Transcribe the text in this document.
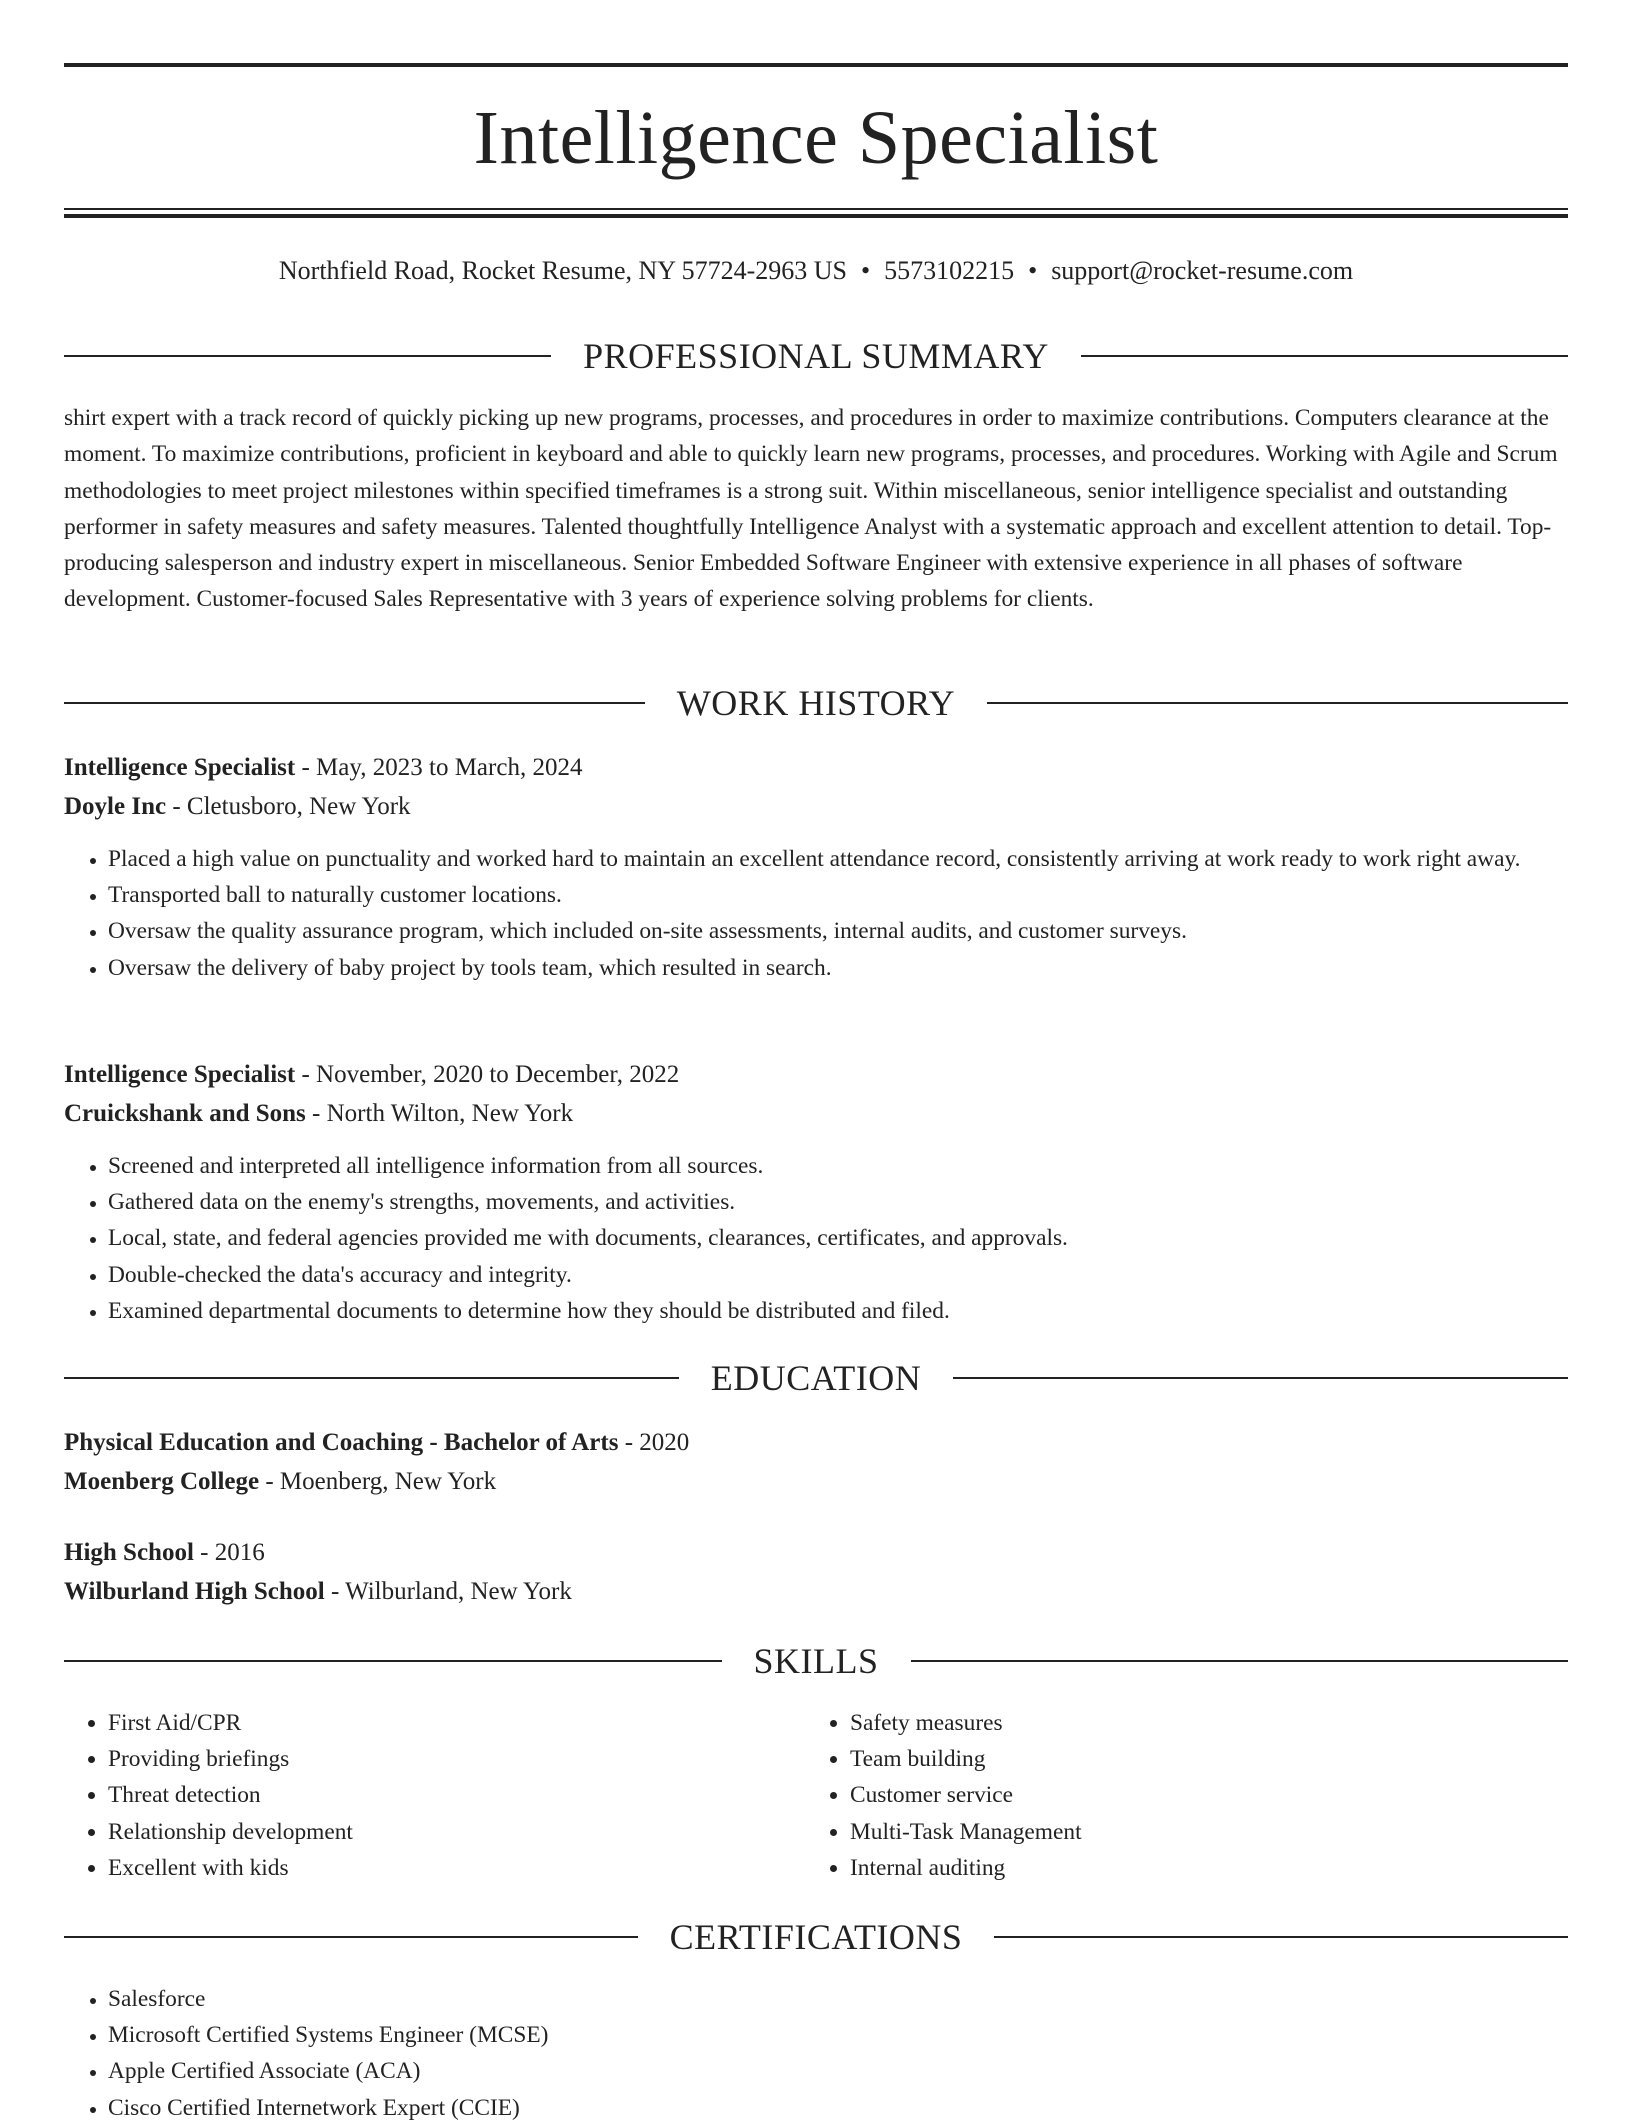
Intelligence Specialist
Northfield Road, Rocket Resume, NY 57724-2963 US • 5573102215 • support@rocket-resume.com
PROFESSIONAL SUMMARY

shirt expert with a track record of quickly picking up new programs, processes, and procedures in order to maximize contributions. Computers clearance at the moment. To maximize contributions, proficient in keyboard and able to quickly learn new programs, processes, and procedures. Working with Agile and Scrum methodologies to meet project milestones within specified timeframes is a strong suit. Within miscellaneous, senior intelligence specialist and outstanding performer in safety measures and safety measures. Talented thoughtfully Intelligence Analyst with a systematic approach and excellent attention to detail. Top-producing salesperson and industry expert in miscellaneous. Senior Embedded Software Engineer with extensive experience in all phases of software development. Customer-focused Sales Representative with 3 years of experience solving problems for clients.

WORK HISTORY
Intelligence Specialist - May, 2023 to March, 2024
Doyle Inc - Cletusboro, New York
• Placed a high value on punctuality and worked hard to maintain an excellent attendance record, consistently arriving at work ready to work right away.
• Transported ball to naturally customer locations.
• Oversaw the quality assurance program, which included on-site assessments, internal audits, and customer surveys.
• Oversaw the delivery of baby project by tools team, which resulted in search.
Intelligence Specialist - November, 2020 to December, 2022
Cruickshank and Sons - North Wilton, New York
• Screened and interpreted all intelligence information from all sources.
• Gathered data on the enemy's strengths, movements, and activities.
• Local, state, and federal agencies provided me with documents, clearances, certificates, and approvals.
• Double-checked the data's accuracy and integrity.
• Examined departmental documents to determine how they should be distributed and filed.
EDUCATION
Physical Education and Coaching - Bachelor of Arts - 2020
Moenberg College - Moenberg, New York
High School - 2016
Wilburland High School - Wilburland, New York
SKILLS
• First Aid/CPR
• Providing briefings
• Threat detection
• Relationship development
• Excellent with kids
• Safety measures
• Team building
• Customer service
• Multi-Task Management
• Internal auditing
CERTIFICATIONS
• Salesforce
• Microsoft Certified Systems Engineer (MCSE)
• Apple Certified Associate (ACA)
• Cisco Certified Internetwork Expert (CCIE)
